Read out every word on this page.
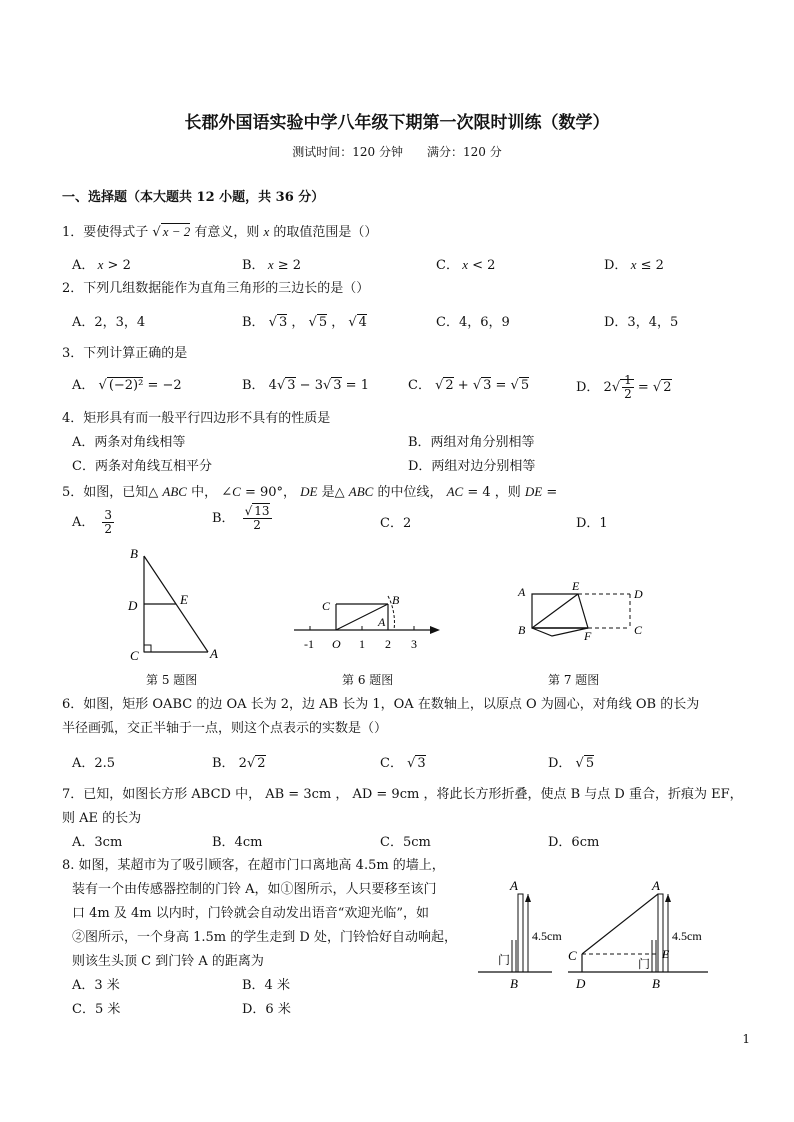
长郡外国语实验中学八年级下期第一次限时训练（数学）
测试时间：120 分钟　　满分：120 分
一、选择题（本大题共 12 小题，共 36 分）
1．要使得式子 √ x − 2 有意义，则 x 的取值范围是（）
A． x > 2	B． x ≥ 2	C． x < 2	D． x ≤ 2
2．下列几组数据能作为直角三角形的三边长的是（）
A．2，3，4	B． √ 3 ， √ 5 ， √ 4	C．4，6，9	D．3，4，5
3．下列计算正确的是
A． √ (−2)² = −2	B． 4√ 3 − 3√ 3 = 1	C． √ 2 + √ 3 = √ 5	D． $2√ \frac{1}{2}$ = √ 2
4．矩形具有而一般平行四边形不具有的性质是
A．两条对角线相等	B．两组对角分别相等
C．两条对角线互相平分	D．两组对边分别相等
5．如图，已知△ ABC 中， ∠C = 90°， DE 是△ ABC 的中位线， AC = 4 ，则 DE =
A． $\frac{3}{2}$	B． $\frac{√ 13}{2}$	C．2	D．1
B
D	E
C	A
C	B
A
-1 O 1 2 3
A	E
D
B	F	C
第 5 题图	第 6 题图	第 7 题图
6．如图，矩形 OABC 的边 OA 长为 2，边 AB 长为 1，OA 在数轴上，以原点 O 为圆心，对角线 OB 的长为
半径画弧，交正半轴于一点，则这个点表示的实数是（）
A．2.5	B． 2√ 2	C． √ 3	D． √ 5
7．已知，如图长方形 ABCD 中， AB = 3cm ， AD = 9cm ，将此长方形折叠，使点 B 与点 D 重合，折痕为 EF，
则 AE 的长为
A．3cm	B．4cm	C．5cm	D．6cm
8. 如图，某超市为了吸引顾客，在超市门口离地高 4.5m 的墙上，
装有一个由传感器控制的门铃 A，如①图所示，人只要移至该门
口 4m 及 4m 以内时，门铃就会自动发出语音“欢迎光临”，如
②图所示，一个身高 1.5m 的学生走到 D 处，门铃恰好自动响起，
则该生头顶 C 到门铃 A 的距离为
A．3 米	B．4 米
C．5 米	D．6 米
A
4.5cm
门
B
A
4.5cm
C	E
门
D	B
1
